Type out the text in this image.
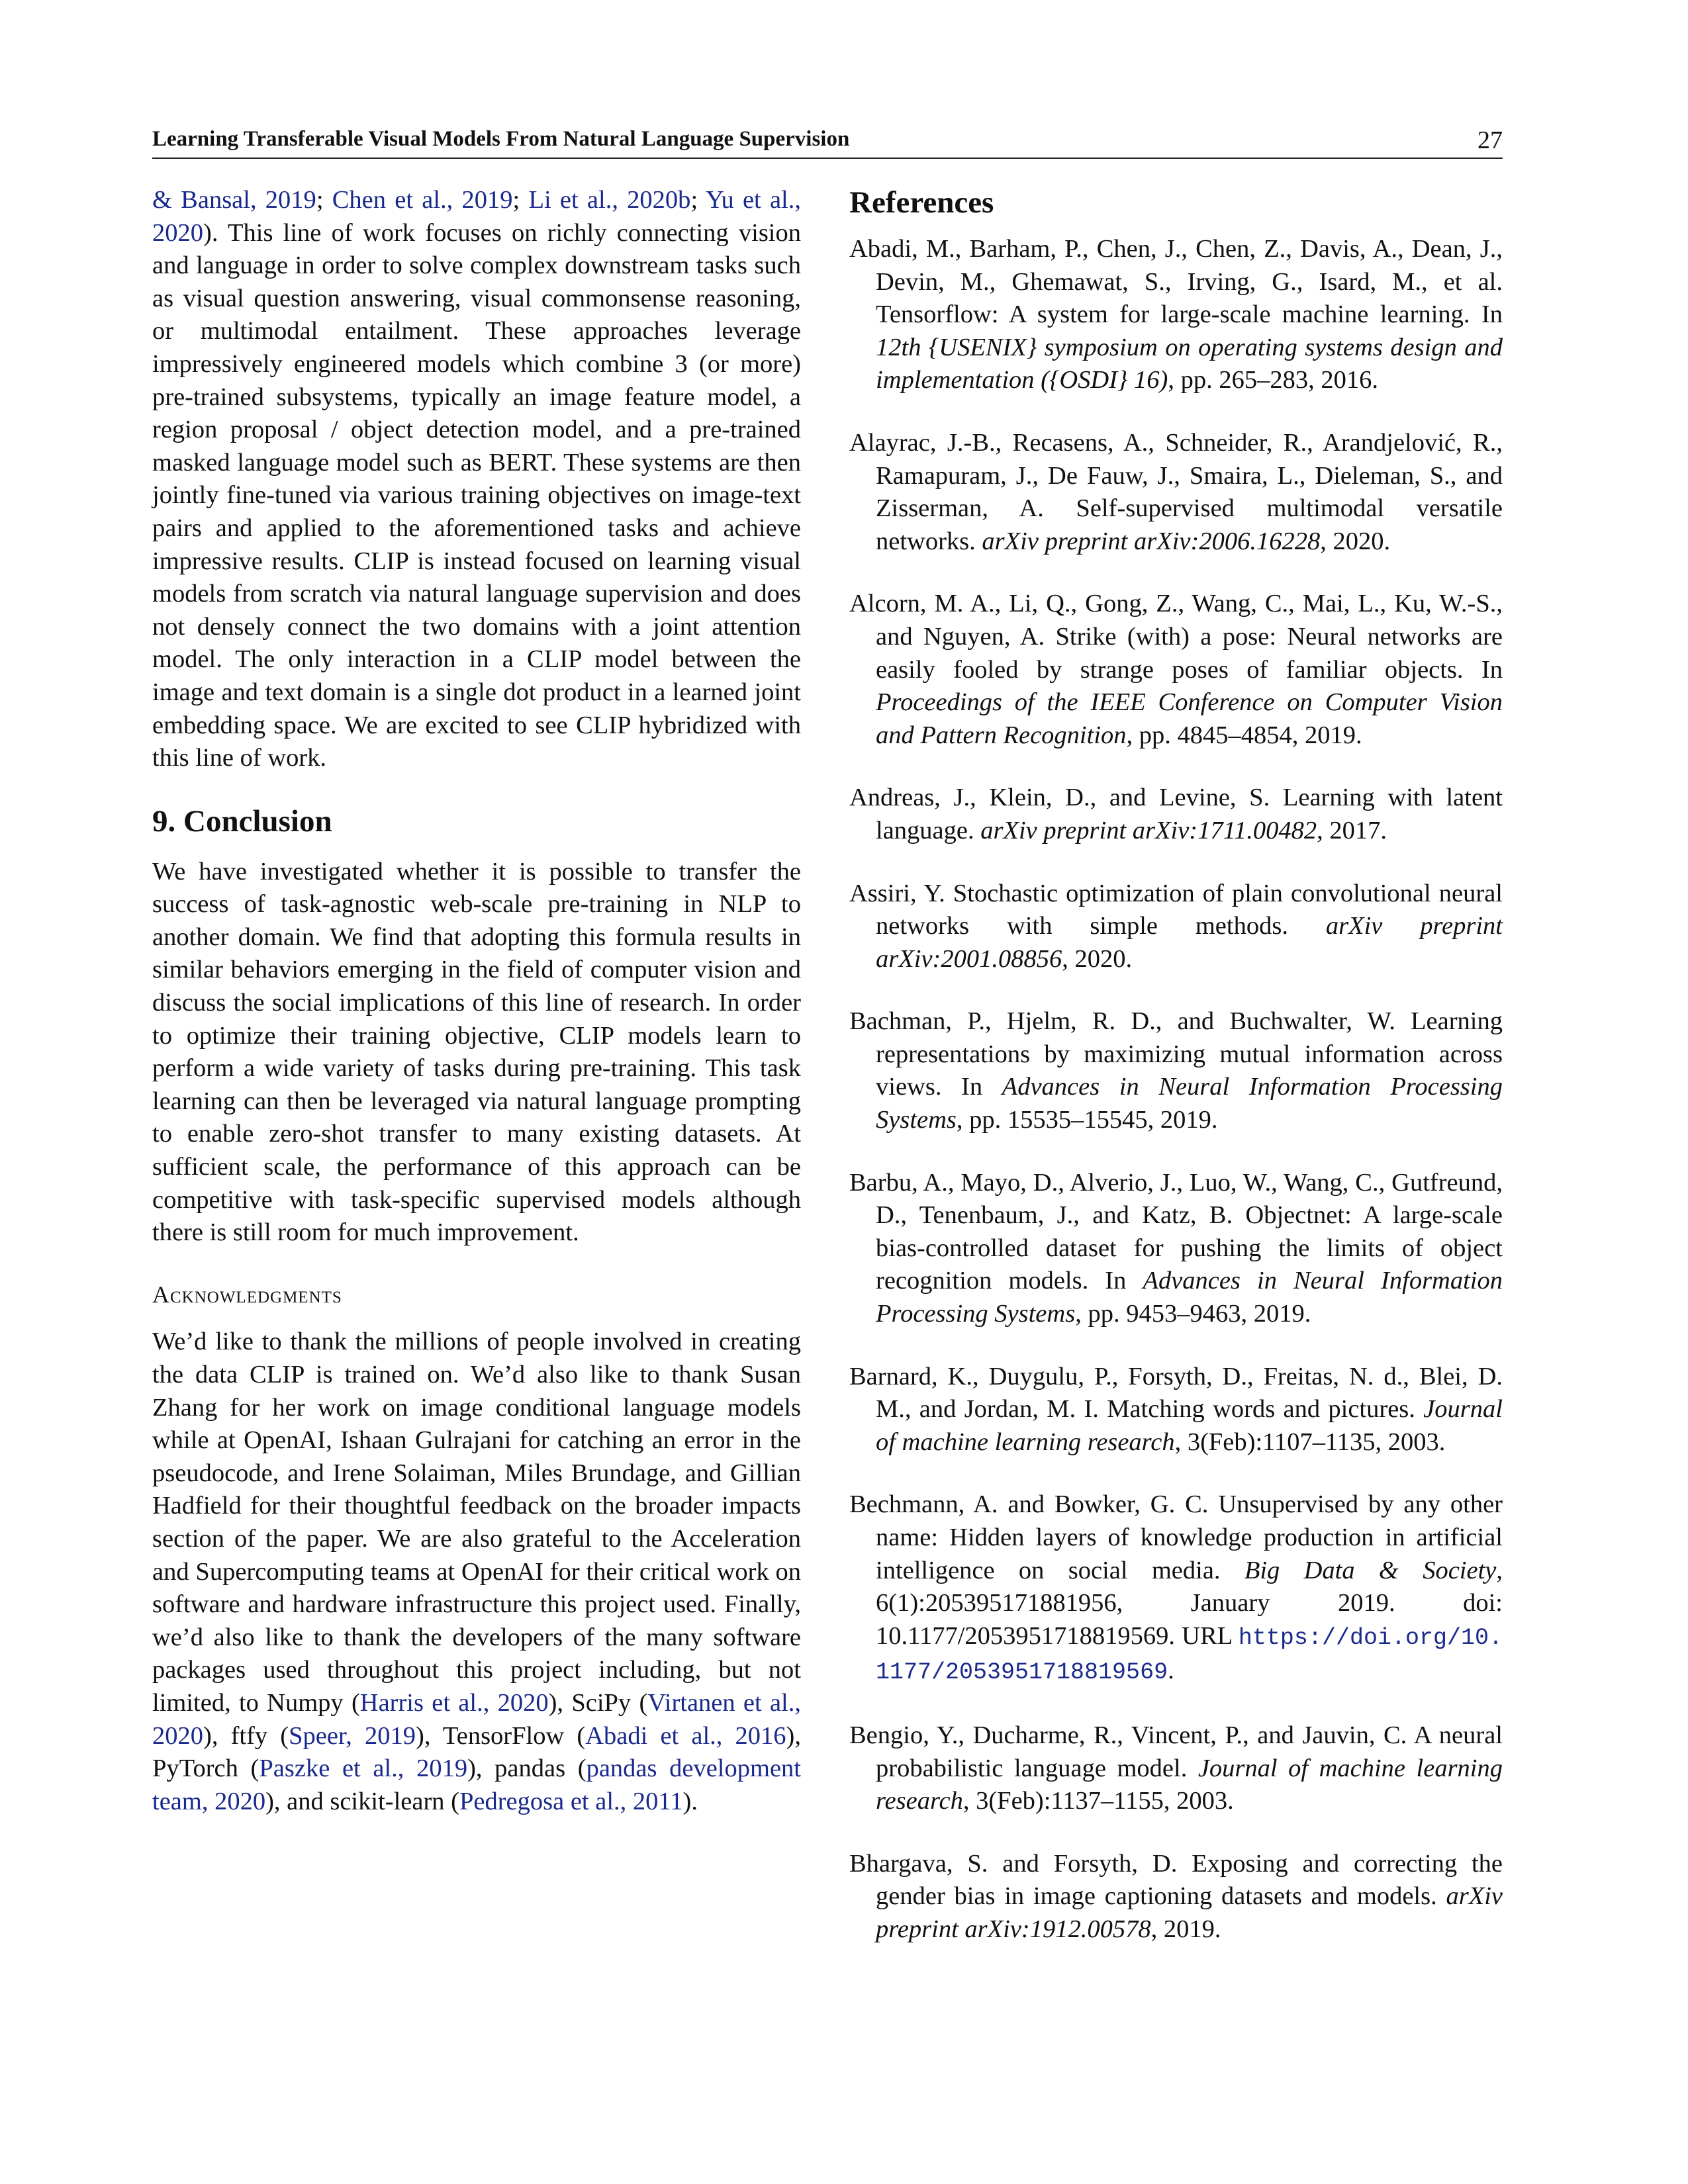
Learning Transferable Visual Models From Natural Language Supervision	27

& Bansal, 2019; Chen et al., 2019; Li et al., 2020b; Yu et al., 2020). This line of work focuses on richly connecting vision and language in order to solve complex downstream tasks such as visual question answering, visual commonsense reasoning, or multimodal entailment. These approaches leverage impressively engineered models which combine 3 (or more) pre-trained subsystems, typically an image feature model, a region proposal / object detection model, and a pre-trained masked language model such as BERT. These systems are then jointly fine-tuned via various training objectives on image-text pairs and applied to the aforementioned tasks and achieve impressive results. CLIP is instead focused on learning visual models from scratch via natural language supervision and does not densely connect the two domains with a joint attention model. The only interaction in a CLIP model between the image and text domain is a single dot product in a learned joint embedding space. We are excited to see CLIP hybridized with this line of work.

9. Conclusion

We have investigated whether it is possible to transfer the success of task-agnostic web-scale pre-training in NLP to another domain. We find that adopting this formula results in similar behaviors emerging in the field of computer vision and discuss the social implications of this line of research. In order to optimize their training objective, CLIP models learn to perform a wide variety of tasks during pre-training. This task learning can then be leveraged via natural language prompting to enable zero-shot transfer to many existing datasets. At sufficient scale, the performance of this approach can be competitive with task-specific supervised models although there is still room for much improvement.

Acknowledgments

We’d like to thank the millions of people involved in creating the data CLIP is trained on. We’d also like to thank Susan Zhang for her work on image conditional language models while at OpenAI, Ishaan Gulrajani for catching an error in the pseudocode, and Irene Solaiman, Miles Brundage, and Gillian Hadfield for their thoughtful feedback on the broader impacts section of the paper. We are also grateful to the Acceleration and Supercomputing teams at OpenAI for their critical work on software and hardware infrastructure this project used. Finally, we’d also like to thank the developers of the many software packages used throughout this project including, but not limited, to Numpy (Harris et al., 2020), SciPy (Virtanen et al., 2020), ftfy (Speer, 2019), TensorFlow (Abadi et al., 2016), PyTorch (Paszke et al., 2019), pandas (pandas development team, 2020), and scikit-learn (Pedregosa et al., 2011).

References

Abadi, M., Barham, P., Chen, J., Chen, Z., Davis, A., Dean, J., Devin, M., Ghemawat, S., Irving, G., Isard, M., et al. Tensorflow: A system for large-scale machine learning. In 12th {USENIX} symposium on operating systems design and implementation ({OSDI} 16), pp. 265–283, 2016.

Alayrac, J.-B., Recasens, A., Schneider, R., Arandjelović, R., Ramapuram, J., De Fauw, J., Smaira, L., Dieleman, S., and Zisserman, A. Self-supervised multimodal versatile networks. arXiv preprint arXiv:2006.16228, 2020.

Alcorn, M. A., Li, Q., Gong, Z., Wang, C., Mai, L., Ku, W.-S., and Nguyen, A. Strike (with) a pose: Neural networks are easily fooled by strange poses of familiar objects. In Proceedings of the IEEE Conference on Computer Vision and Pattern Recognition, pp. 4845–4854, 2019.

Andreas, J., Klein, D., and Levine, S. Learning with latent language. arXiv preprint arXiv:1711.00482, 2017.

Assiri, Y. Stochastic optimization of plain convolutional neural networks with simple methods. arXiv preprint arXiv:2001.08856, 2020.

Bachman, P., Hjelm, R. D., and Buchwalter, W. Learning representations by maximizing mutual information across views. In Advances in Neural Information Processing Systems, pp. 15535–15545, 2019.

Barbu, A., Mayo, D., Alverio, J., Luo, W., Wang, C., Gutfreund, D., Tenenbaum, J., and Katz, B. Objectnet: A large-scale bias-controlled dataset for pushing the limits of object recognition models. In Advances in Neural Information Processing Systems, pp. 9453–9463, 2019.

Barnard, K., Duygulu, P., Forsyth, D., Freitas, N. d., Blei, D. M., and Jordan, M. I. Matching words and pictures. Journal of machine learning research, 3(Feb):1107–1135, 2003.

Bechmann, A. and Bowker, G. C. Unsupervised by any other name: Hidden layers of knowledge production in artificial intelligence on social media. Big Data & Society, 6(1):205395171881956, January 2019. doi: 10.1177/2053951718819569. URL https://doi.org/10.1177/2053951718819569.

Bengio, Y., Ducharme, R., Vincent, P., and Jauvin, C. A neural probabilistic language model. Journal of machine learning research, 3(Feb):1137–1155, 2003.

Bhargava, S. and Forsyth, D. Exposing and correcting the gender bias in image captioning datasets and models. arXiv preprint arXiv:1912.00578, 2019.
